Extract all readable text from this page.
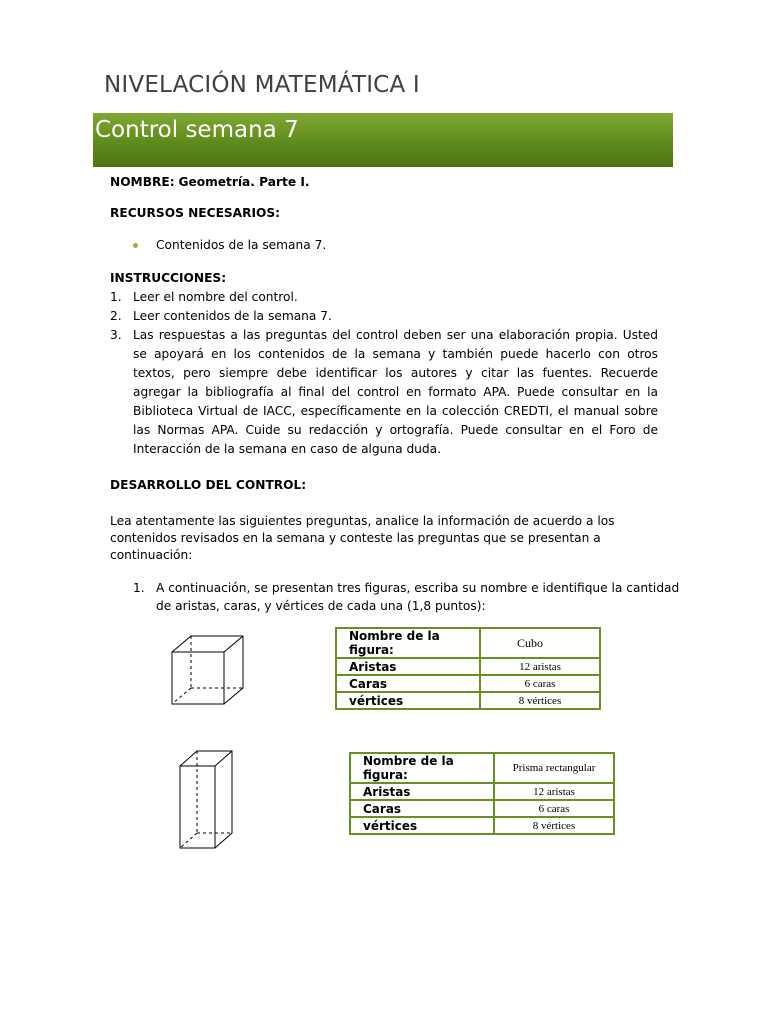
NIVELACIÓN MATEMÁTICA I
Control semana 7
NOMBRE: Geometría. Parte I.
RECURSOS NECESARIOS:
Contenidos de la semana 7.
INSTRUCCIONES:
1. Leer el nombre del control.
2. Leer contenidos de la semana 7.
3. Las respuestas a las preguntas del control deben ser una elaboración propia. Usted se apoyará en los contenidos de la semana y también puede hacerlo con otros textos, pero siempre debe identificar los autores y citar las fuentes. Recuerde agregar la bibliografía al final del control en formato APA. Puede consultar en la Biblioteca Virtual de IACC, específicamente en la colección CREDTI, el manual sobre las Normas APA. Cuide su redacción y ortografía. Puede consultar en el Foro de Interacción de la semana en caso de alguna duda.
DESARROLLO DEL CONTROL:
Lea atentamente las siguientes preguntas, analice la información de acuerdo a los contenidos revisados en la semana y conteste las preguntas que se presentan a continuación:
1. A continuación, se presentan tres figuras, escriba su nombre e identifique la cantidad de aristas, caras, y vértices de cada una (1,8 puntos):
Nombre de la figura:	Cubo
Aristas	12 aristas
Caras	6 caras
vértices	8 vértices
Nombre de la figura:	Prisma rectangular
Aristas	12 aristas
Caras	6 caras
vértices	8 vértices
